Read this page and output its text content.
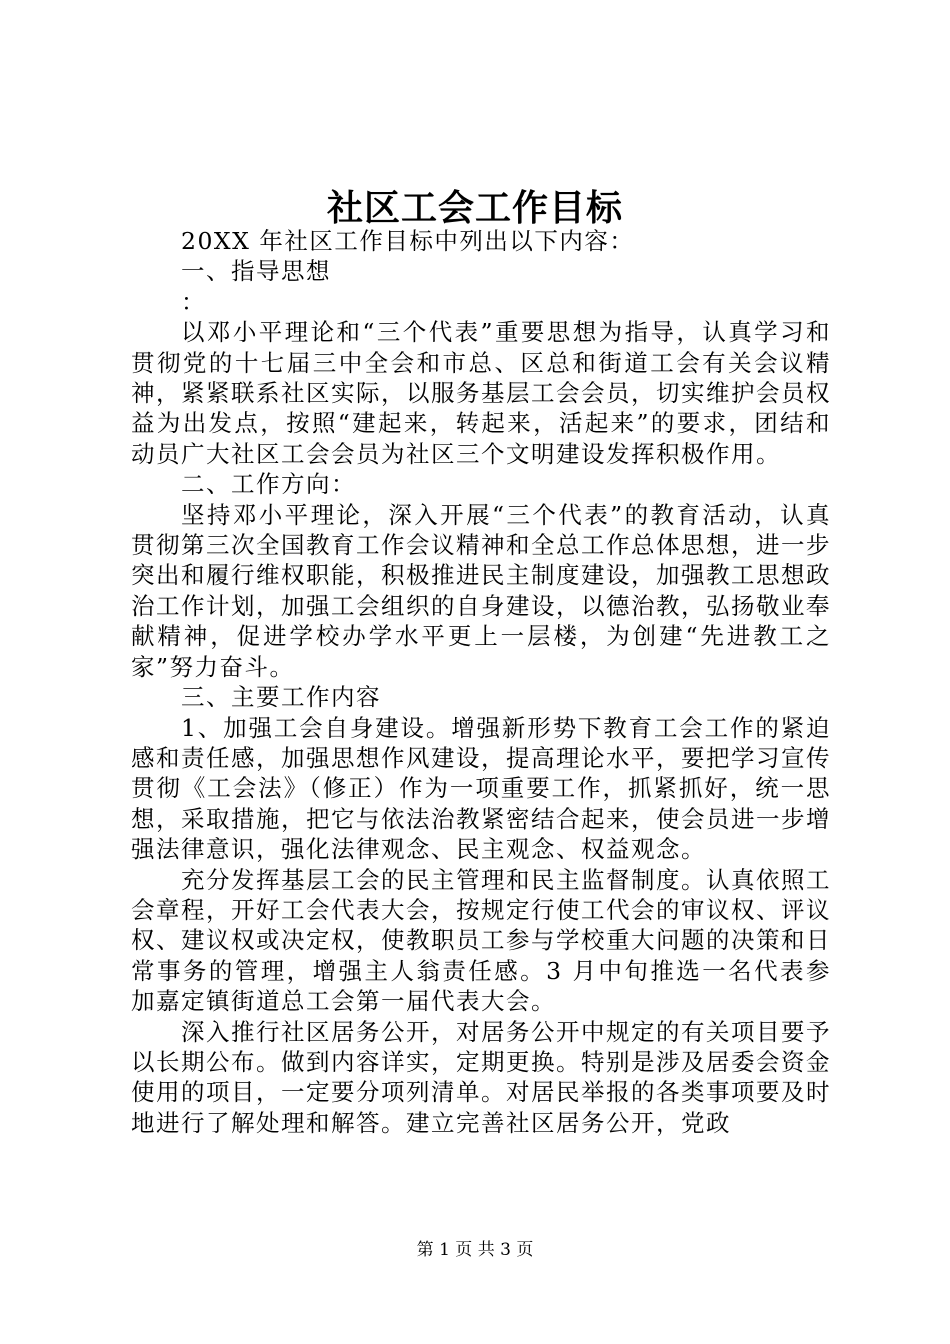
社区工会工作目标

20XX 年社区工作目标中列出以下内容：

一、指导思想

：

以邓小平理论和“三个代表”重要思想为指导，认真学习和贯彻党的十七届三中全会和市总、区总和街道工会有关会议精神，紧紧联系社区实际，以服务基层工会会员，切实维护会员权益为出发点，按照“建起来，转起来，活起来”的要求，团结和动员广大社区工会会员为社区三个文明建设发挥积极作用。

二、工作方向：

坚持邓小平理论，深入开展“三个代表”的教育活动，认真贯彻第三次全国教育工作会议精神和全总工作总体思想，进一步突出和履行维权职能，积极推进民主制度建设，加强教工思想政治工作计划，加强工会组织的自身建设，以德治教，弘扬敬业奉献精神，促进学校办学水平更上一层楼，为创建“先进教工之家”努力奋斗。

三、主要工作内容

1、加强工会自身建设。增强新形势下教育工会工作的紧迫感和责任感，加强思想作风建设，提高理论水平，要把学习宣传贯彻《工会法》（修正）作为一项重要工作，抓紧抓好，统一思想，采取措施，把它与依法治教紧密结合起来，使会员进一步增强法律意识，强化法律观念、民主观念、权益观念。

充分发挥基层工会的民主管理和民主监督制度。认真依照工会章程，开好工会代表大会，按规定行使工代会的审议权、评议权、建议权或决定权，使教职员工参与学校重大问题的决策和日常事务的管理，增强主人翁责任感。3 月中旬推选一名代表参加嘉定镇街道总工会第一届代表大会。

深入推行社区居务公开，对居务公开中规定的有关项目要予以长期公布。做到内容详实，定期更换。特别是涉及居委会资金使用的项目，一定要分项列清单。对居民举报的各类事项要及时地进行了解处理和解答。建立完善社区居务公开，党政

第 1 页 共 3 页
